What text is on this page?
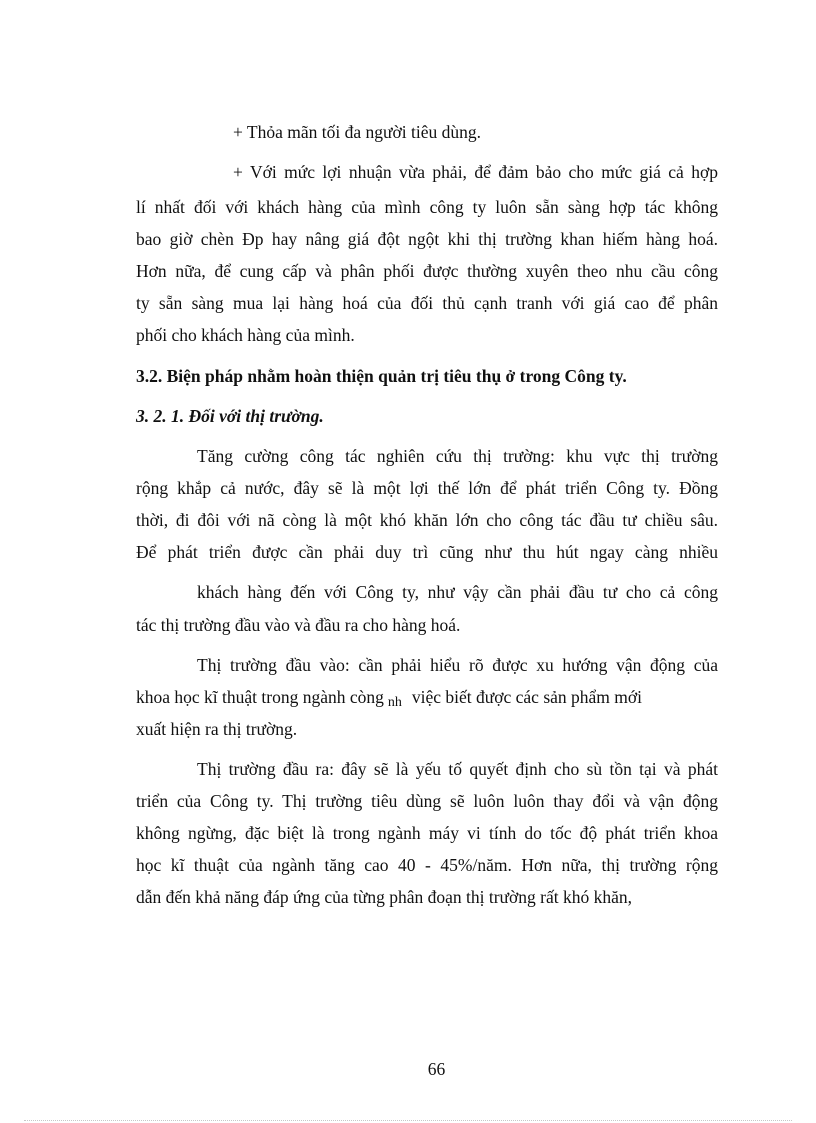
+ Thỏa mãn tối đa người tiêu dùng.
+ Với mức lợi nhuận vừa phải, để đảm bảo cho mức giá cả hợp
lí nhất đối với khách hàng của mình công ty luôn sẵn sàng hợp tác không
bao giờ chèn Đp hay nâng giá đột ngột khi thị trường khan hiếm hàng hoá.
Hơn nữa, để cung cấp và phân phối được thường xuyên theo nhu cầu công
ty sẵn sàng mua lại hàng hoá của đối thủ cạnh tranh với giá cao để phân
phối cho khách hàng của mình.
3.2. Biện pháp nhằm hoàn thiện quản trị tiêu thụ ở trong Công ty.
3. 2. 1. Đối với thị trường.
Tăng cường công tác nghiên cứu thị trường: khu vực thị trường
rộng khắp cả nước, đây sẽ là một lợi thế lớn để phát triển Công ty. Đồng
thời, đi đôi với nã còng là một khó khăn lớn cho công tác đầu tư chiều sâu.
Để phát triển được cần phải duy trì cũng như thu hút ngay càng nhiều
khách hàng đến với Công ty, như vậy cần phải đầu tư cho cả công
tác thị trường đầu vào và đầu ra cho hàng hoá.
Thị trường đầu vào: cần phải hiểu rõ được xu hướng vận động của
khoa học kĩ thuật trong ngành còng nh việc biết được các sản phẩm mới
xuất hiện ra thị trường.
Thị trường đầu ra: đây sẽ là yếu tố quyết định cho sù tồn tại và phát
triển của Công ty. Thị trường tiêu dùng sẽ luôn luôn thay đổi và vận động
không ngừng, đặc biệt là trong ngành máy vi tính do tốc độ phát triển khoa
học kĩ thuật của ngành tăng cao 40 - 45%/năm. Hơn nữa, thị trường rộng
dẫn đến khả năng đáp ứng của từng phân đoạn thị trường rất khó khăn,
66
